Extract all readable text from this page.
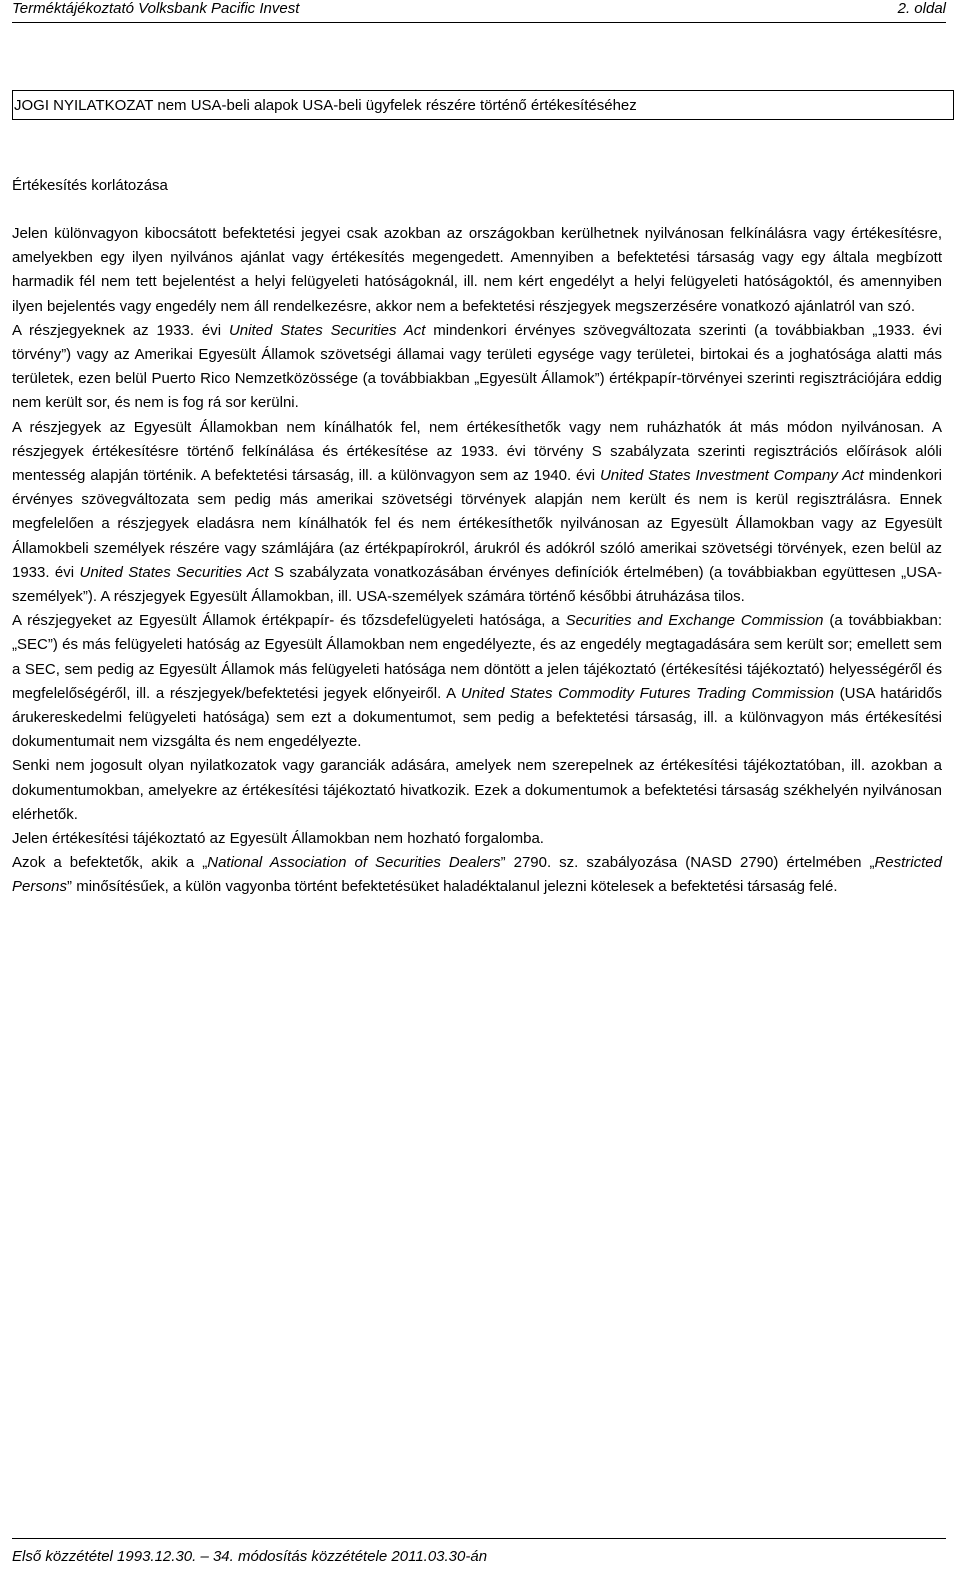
Terméktájékoztató Volksbank Pacific Invest	2. oldal
JOGI NYILATKOZAT nem USA-beli alapok USA-beli ügyfelek részére történő értékesítéséhez
Értékesítés korlátozása

Jelen különvagyon kibocsátott befektetési jegyei csak azokban az országokban kerülhetnek nyilvánosan felkínálásra vagy értékesítésre, amelyekben egy ilyen nyilvános ajánlat vagy értékesítés megengedett. Amennyiben a befektetési társaság vagy egy általa megbízott harmadik fél nem tett bejelentést a helyi felügyeleti hatóságoknál, ill. nem kért engedélyt a helyi felügyeleti hatóságoktól, és amennyiben ilyen bejelentés vagy engedély nem áll rendelkezésre, akkor nem a befektetési részjegyek megszerzésére vonatkozó ajánlatról van szó.

A részjegyeknek az 1933. évi United States Securities Act mindenkori érvényes szövegváltozata szerinti (a továbbiakban „1933. évi törvény”) vagy az Amerikai Egyesült Államok szövetségi államai vagy területi egysége vagy területei, birtokai és a joghatósága alatti más területek, ezen belül Puerto Rico Nemzetközössége (a továbbiakban „Egyesült Államok”) értékpapír-törvényei szerinti regisztrációjára eddig nem került sor, és nem is fog rá sor kerülni.

A részjegyek az Egyesült Államokban nem kínálhatók fel, nem értékesíthetők vagy nem ruházhatók át más módon nyilvánosan. A részjegyek értékesítésre történő felkínálása és értékesítése az 1933. évi törvény S szabályzata szerinti regisztrációs előírások alóli mentesség alapján történik. A befektetési társaság, ill. a különvagyon sem az 1940. évi United States Investment Company Act mindenkori érvényes szövegváltozata sem pedig más amerikai szövetségi törvények alapján nem került és nem is kerül regisztrálásra. Ennek megfelelően a részjegyek eladásra nem kínálhatók fel és nem értékesíthetők nyilvánosan az Egyesült Államokban vagy az Egyesült Államokbeli személyek részére vagy számlájára (az értékpapírokról, árukról és adókról szóló amerikai szövetségi törvények, ezen belül az 1933. évi United States Securities Act S szabályzata vonatkozásában érvényes definíciók értelmében) (a továbbiakban együttesen „USA-személyek”). A részjegyek Egyesült Államokban, ill. USA-személyek számára történő későbbi átruházása tilos.

A részjegyeket az Egyesült Államok értékpapír- és tőzsdefelügyeleti hatósága, a Securities and Exchange Commission (a továbbiakban: „SEC”) és más felügyeleti hatóság az Egyesült Államokban nem engedélyezte, és az engedély megtagadására sem került sor; emellett sem a SEC, sem pedig az Egyesült Államok más felügyeleti hatósága nem döntött a jelen tájékoztató (értékesítési tájékoztató) helyességéről és megfelelőségéről, ill. a részjegyek/befektetési jegyek előnyeiről. A United States Commodity Futures Trading Commission (USA határidős árukereskedelmi felügyeleti hatósága) sem ezt a dokumentumot, sem pedig a befektetési társaság, ill. a különvagyon más értékesítési dokumentumait nem vizsgálta és nem engedélyezte.

Senki nem jogosult olyan nyilatkozatok vagy garanciák adására, amelyek nem szerepelnek az értékesítési tájékoztatóban, ill. azokban a dokumentumokban, amelyekre az értékesítési tájékoztató hivatkozik. Ezek a dokumentumok a befektetési társaság székhelyén nyilvánosan elérhetők.

Jelen értékesítési tájékoztató az Egyesült Államokban nem hozható forgalomba.

Azok a befektetők, akik a „National Association of Securities Dealers” 2790. sz. szabályozása (NASD 2790) értelmében „Restricted Persons” minősítésűek, a külön vagyonba történt befektetésüket haladéktalanul jelezni kötelesek a befektetési társaság felé.

Első közzététel 1993.12.30. – 34. módosítás közzététele 2011.03.30-án
